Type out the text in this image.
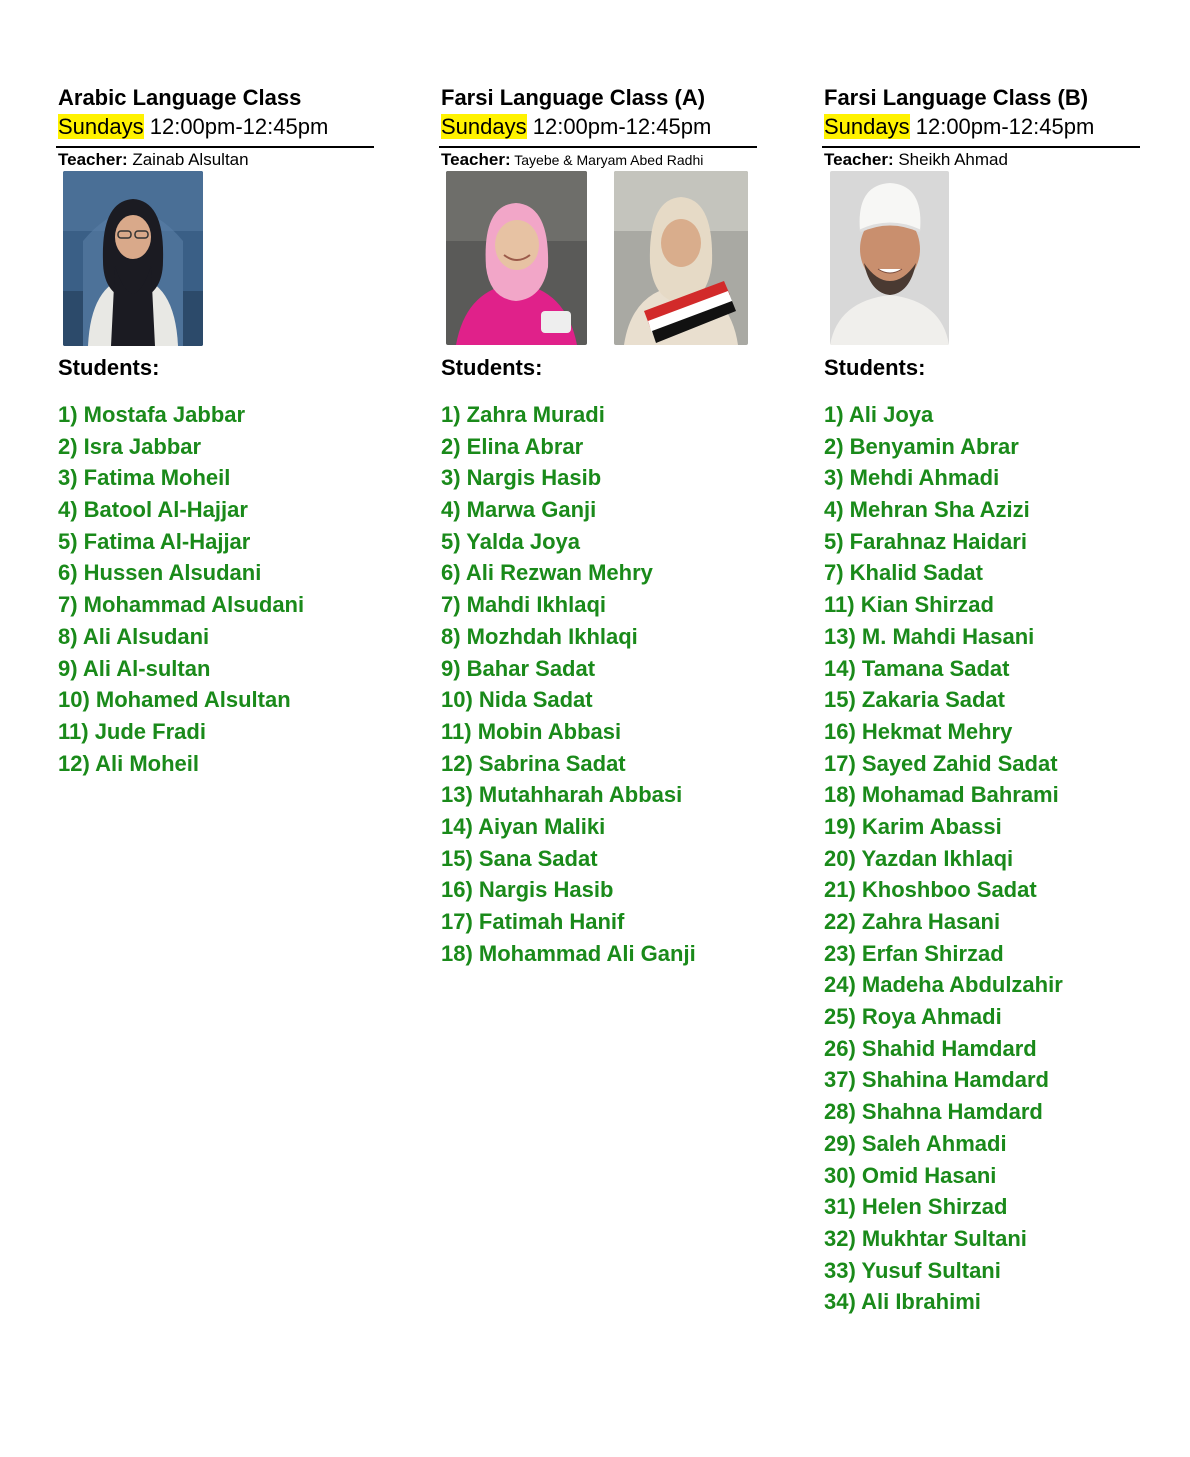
Arabic Language Class
Sundays 12:00pm-12:45pm
Teacher: Zainab Alsultan
Students:
1) Mostafa Jabbar
2) Isra Jabbar
3) Fatima Moheil
4) Batool Al-Hajjar
5) Fatima Al-Hajjar
6) Hussen Alsudani
7) Mohammad Alsudani
8) Ali Alsudani
9) Ali Al-sultan
10) Mohamed Alsultan
11) Jude Fradi
12) Ali Moheil
Farsi Language Class (A)
Sundays 12:00pm-12:45pm
Teacher: Tayebe & Maryam Abed Radhi
Students:
1) Zahra Muradi
2) Elina Abrar
3) Nargis Hasib
4) Marwa Ganji
5) Yalda Joya
6) Ali Rezwan Mehry
7) Mahdi Ikhlaqi
8) Mozhdah Ikhlaqi
9) Bahar Sadat
10) Nida Sadat
11) Mobin Abbasi
12) Sabrina Sadat
13) Mutahharah Abbasi
14) Aiyan Maliki
15) Sana Sadat
16) Nargis Hasib
17) Fatimah Hanif
18) Mohammad Ali Ganji
Farsi Language Class (B)
Sundays 12:00pm-12:45pm
Teacher: Sheikh Ahmad
Students:
1) Ali Joya
2) Benyamin Abrar
3) Mehdi Ahmadi
4) Mehran Sha Azizi
5) Farahnaz Haidari
7) Khalid Sadat
11) Kian Shirzad
13) M. Mahdi Hasani
14) Tamana Sadat
15) Zakaria Sadat
16) Hekmat Mehry
17) Sayed Zahid Sadat
18) Mohamad Bahrami
19) Karim Abassi
20) Yazdan Ikhlaqi
21) Khoshboo Sadat
22) Zahra Hasani
23) Erfan Shirzad
24) Madeha Abdulzahir
25) Roya Ahmadi
26) Shahid Hamdard
37) Shahina Hamdard
28) Shahna Hamdard
29) Saleh Ahmadi
30) Omid Hasani
31) Helen Shirzad
32) Mukhtar Sultani
33) Yusuf Sultani
34) Ali Ibrahimi
